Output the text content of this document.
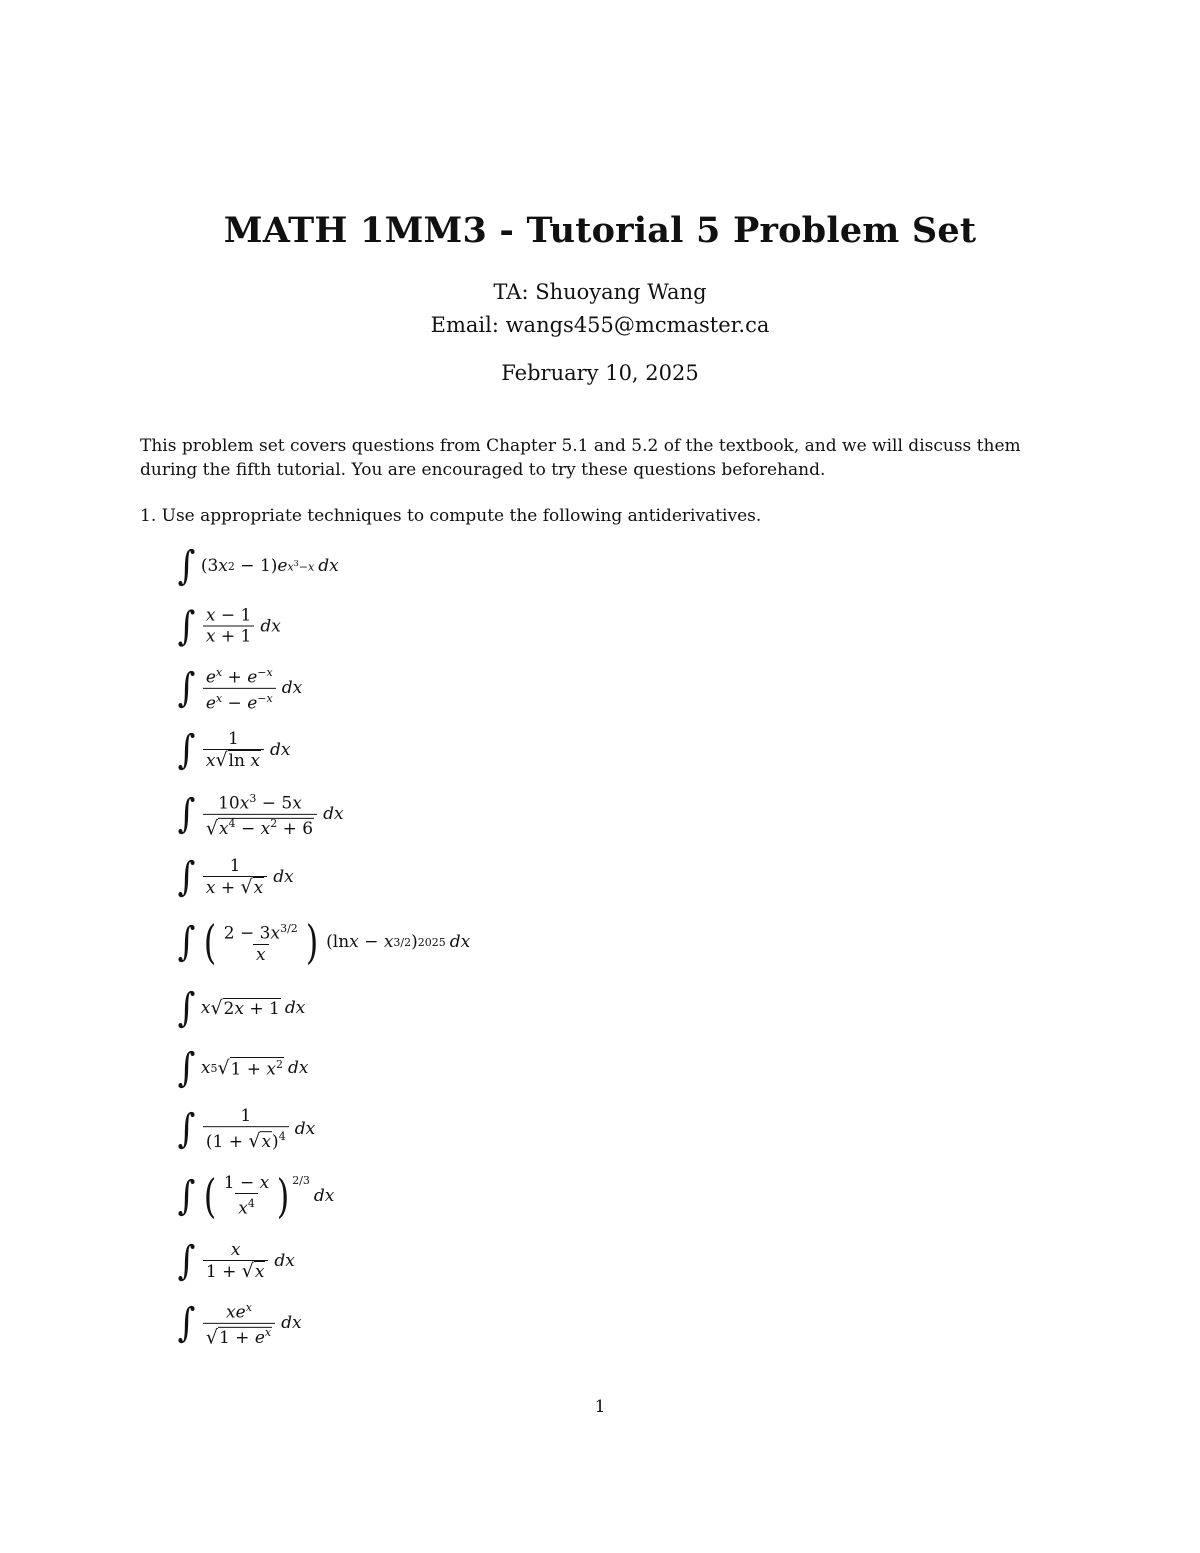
MATH 1MM3 - Tutorial 5 Problem Set
TA: Shuoyang Wang
Email: wangs455@mcmaster.ca
February 10, 2025
This problem set covers questions from Chapter 5.1 and 5.2 of the textbook, and we will discuss them during the fifth tutorial. You are encouraged to try these questions beforehand.
1. Use appropriate techniques to compute the following antiderivatives.
∫ (3 x 2 − 1) e $x^3-x$ dx
∫ $\frac{x - 1}{x + 1}$ dx
∫ $\frac{e^x + e^{-x}}{e^x - e^{-x}}$ dx
∫ $\frac{1}{\text{x√ln x}}$ dx
∫ $\frac{10x^3 - 5x}{√x^4 - x^2 + 6}$ dx
∫ $\frac{1}{x + √x}$ dx
∫ ( $\frac{2 - 3x^{3/2}}{x}$ ) (ln x − x 3/2 ) 2025 dx
∫ x √ 2x + 1 dx
∫ x 5 √ $1 + x^2$ dx
∫ $\frac{1}{(1 + √x)^4}$ dx
∫ ( $\frac{1 - x}{x^4} )^{2/3}$
dx
∫ $\frac{x}{1 + √x}$ dx
∫ $\frac{xe^x}{√1 + e^x}$ dx
1
